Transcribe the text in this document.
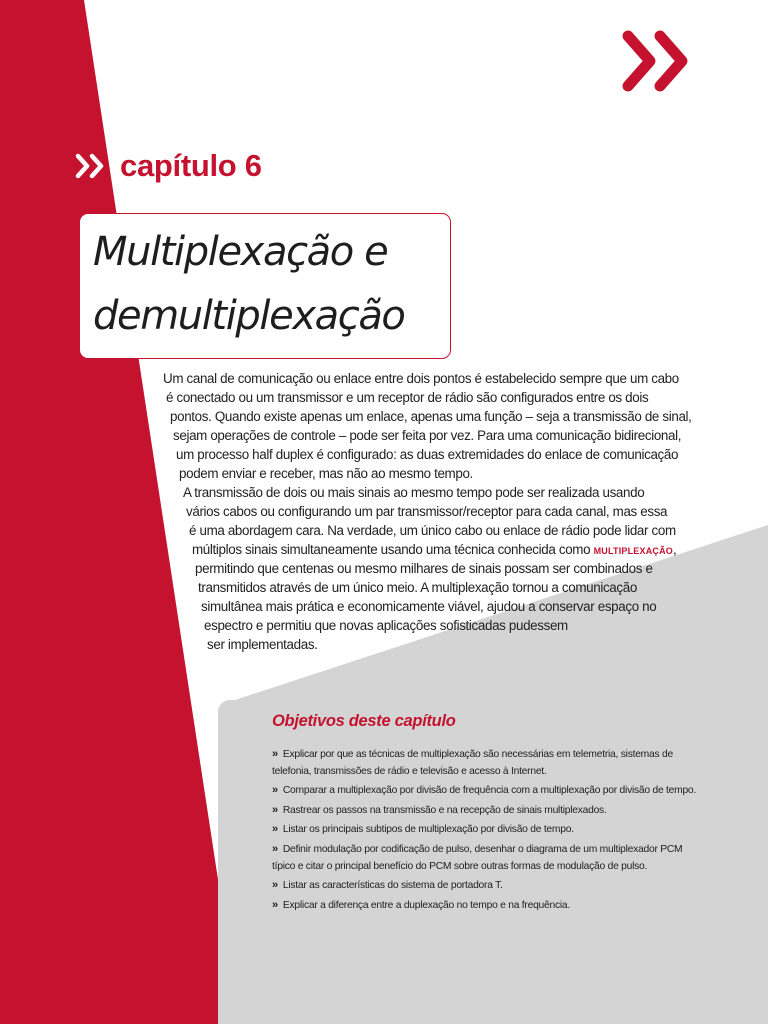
capítulo 6
Multiplexação e
demultiplexação

Um canal de comunicação ou enlace entre dois pontos é estabelecido sempre que um cabo

é conectado ou um transmissor e um receptor de rádio são configurados entre os dois

pontos. Quando existe apenas um enlace, apenas uma função – seja a transmissão de sinal,

sejam operações de controle – pode ser feita por vez. Para uma comunicação bidirecional,

um processo half duplex é configurado: as duas extremidades do enlace de comunicação

podem enviar e receber, mas não ao mesmo tempo.

A transmissão de dois ou mais sinais ao mesmo tempo pode ser realizada usando

vários cabos ou configurando um par transmissor/receptor para cada canal, mas essa

é uma abordagem cara. Na verdade, um único cabo ou enlace de rádio pode lidar com

múltiplos sinais simultaneamente usando uma técnica conhecida como MULTIPLEXAÇÃO,

permitindo que centenas ou mesmo milhares de sinais possam ser combinados e

transmitidos através de um único meio. A multiplexação tornou a comunicação

simultânea mais prática e economicamente viável, ajudou a conservar espaço no

espectro e permitiu que novas aplicações sofisticadas pudessem

ser implementadas.

Objetivos deste capítulo
» Explicar por que as técnicas de multiplexação são necessárias em telemetria, sistemas de telefonia, transmissões de rádio e televisão e acesso à Internet.
» Comparar a multiplexação por divisão de frequência com a multiplexação por divisão de tempo.
» Rastrear os passos na transmissão e na recepção de sinais multiplexados.
» Listar os principais subtipos de multiplexação por divisão de tempo.
» Definir modulação por codificação de pulso, desenhar o diagrama de um multiplexador PCM típico e citar o principal benefício do PCM sobre outras formas de modulação de pulso.
» Listar as características do sistema de portadora T.
» Explicar a diferença entre a duplexação no tempo e na frequência.
